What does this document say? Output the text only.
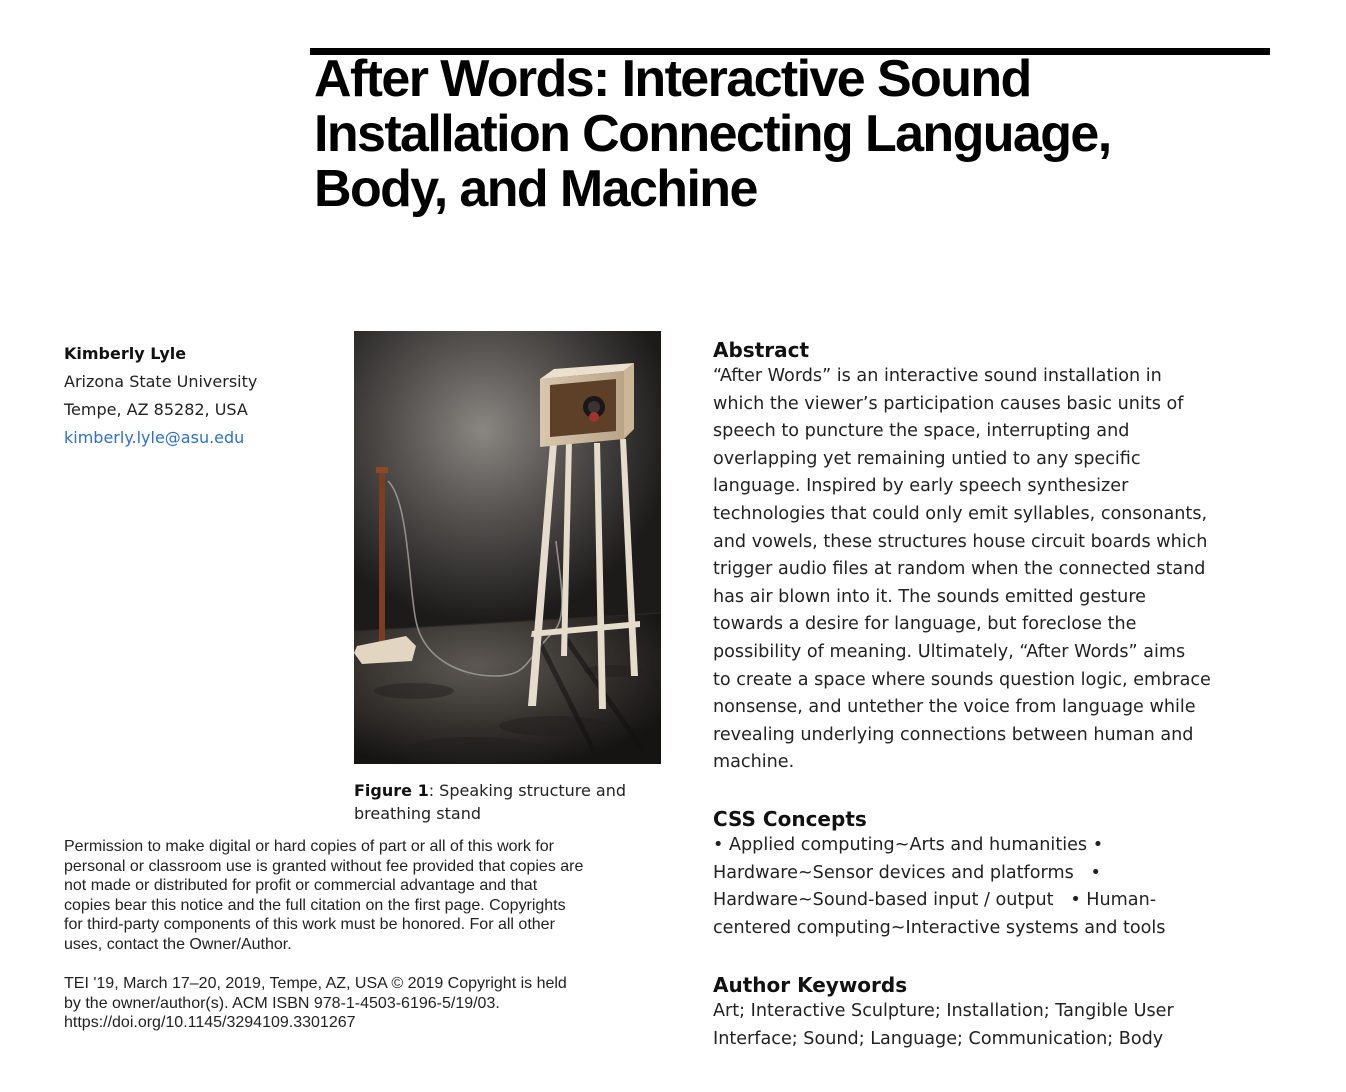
After Words: Interactive Sound
Installation Connecting Language,
Body, and Machine
Kimberly Lyle
Arizona State University
Tempe, AZ 85282, USA
kimberly.lyle@asu.edu
Figure 1: Speaking structure and
breathing stand
Permission to make digital or hard copies of part or all of this work for
personal or classroom use is granted without fee provided that copies are
not made or distributed for profit or commercial advantage and that
copies bear this notice and the full citation on the first page. Copyrights
for third-party components of this work must be honored. For all other
uses, contact the Owner/Author.
TEI '19, March 17–20, 2019, Tempe, AZ, USA © 2019 Copyright is held
by the owner/author(s). ACM ISBN 978-1-4503-6196-5/19/03.
https://doi.org/10.1145/3294109.3301267
Abstract
“After Words” is an interactive sound installation in
which the viewer’s participation causes basic units of
speech to puncture the space, interrupting and
overlapping yet remaining untied to any specific
language. Inspired by early speech synthesizer
technologies that could only emit syllables, consonants,
and vowels, these structures house circuit boards which
trigger audio files at random when the connected stand
has air blown into it. The sounds emitted gesture
towards a desire for language, but foreclose the
possibility of meaning. Ultimately, “After Words” aims
to create a space where sounds question logic, embrace
nonsense, and untether the voice from language while
revealing underlying connections between human and
machine.
CSS Concepts
• Applied computing~Arts and humanities •
Hardware~Sensor devices and platforms   •
Hardware~Sound-based input / output   • Human-
centered computing~Interactive systems and tools
Author Keywords
Art; Interactive Sculpture; Installation; Tangible User
Interface; Sound; Language; Communication; Body
